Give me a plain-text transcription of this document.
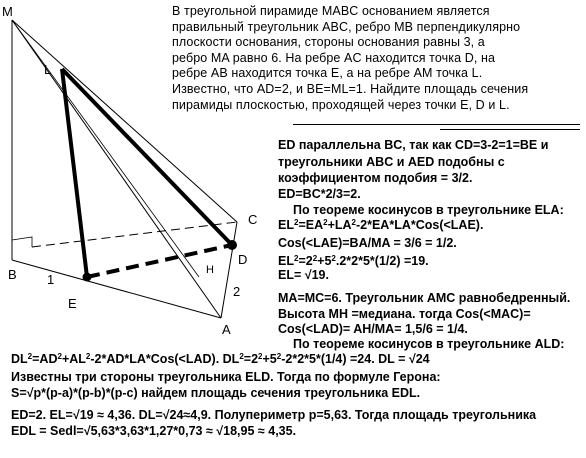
M
L
C
B
D
H
1
2
E
A
В треугольной пирамиде MABC основанием является
правильный треугольник ABC, ребро MB перпендикулярно
плоскости основания, стороны основания равны 3, а
ребро MA равно 6. На ребре AC находится точка D, на
ребре AB находится точка E, а на ребре AM точка L.
Известно, что AD=2, и BE=ML=1. Найдите площадь сечения
пирамиды плоскостью, проходящей через точки E, D и L.
ED параллельна BC, так как CD=3-2=1=BE и
треугольники ABC и AED подобны с
коэффициентом подобия = 3/2.
ED=BC*2/3=2.
По теореме косинусов в треугольнике ELA:
$EL^2=EA^2+LA^2-2*EA*LA*Cos(<LAE)$.
Cos(<LAE)=BA/MA = 3/6 = 1/2.
$EL^2=2^2+5^2.2*2*5*(1/2) =19$.
EL= √19.
MA=MC=6. Треугольник AMC равнобедренный.
Высота MH =медиана. тогда Cos(<MAC)=
Cos(<LAD)= AH/MA= 1,5/6 = 1/4.
По теореме косинусов в треугольнике ALD:
$DL^2=AD^2+AL^2-2*AD*LA*Cos(<LAD)$. $DL^2=2^2+5^2-2*2*5*(1/4) =24$. DL = √24
Известны три стороны треугольника ELD. Тогда по формуле Герона:
S=√p*(p-a)*(p-b)*(p-c) найдем площадь сечения треугольника EDL.
ED=2. EL=√19 ≈ 4,36. DL=√24≈4,9. Полупериметр p=5,63. Тогда площадь треугольника
EDL = Sedl=√5,63*3,63*1,27*0,73 ≈ √18,95 ≈ 4,35.
